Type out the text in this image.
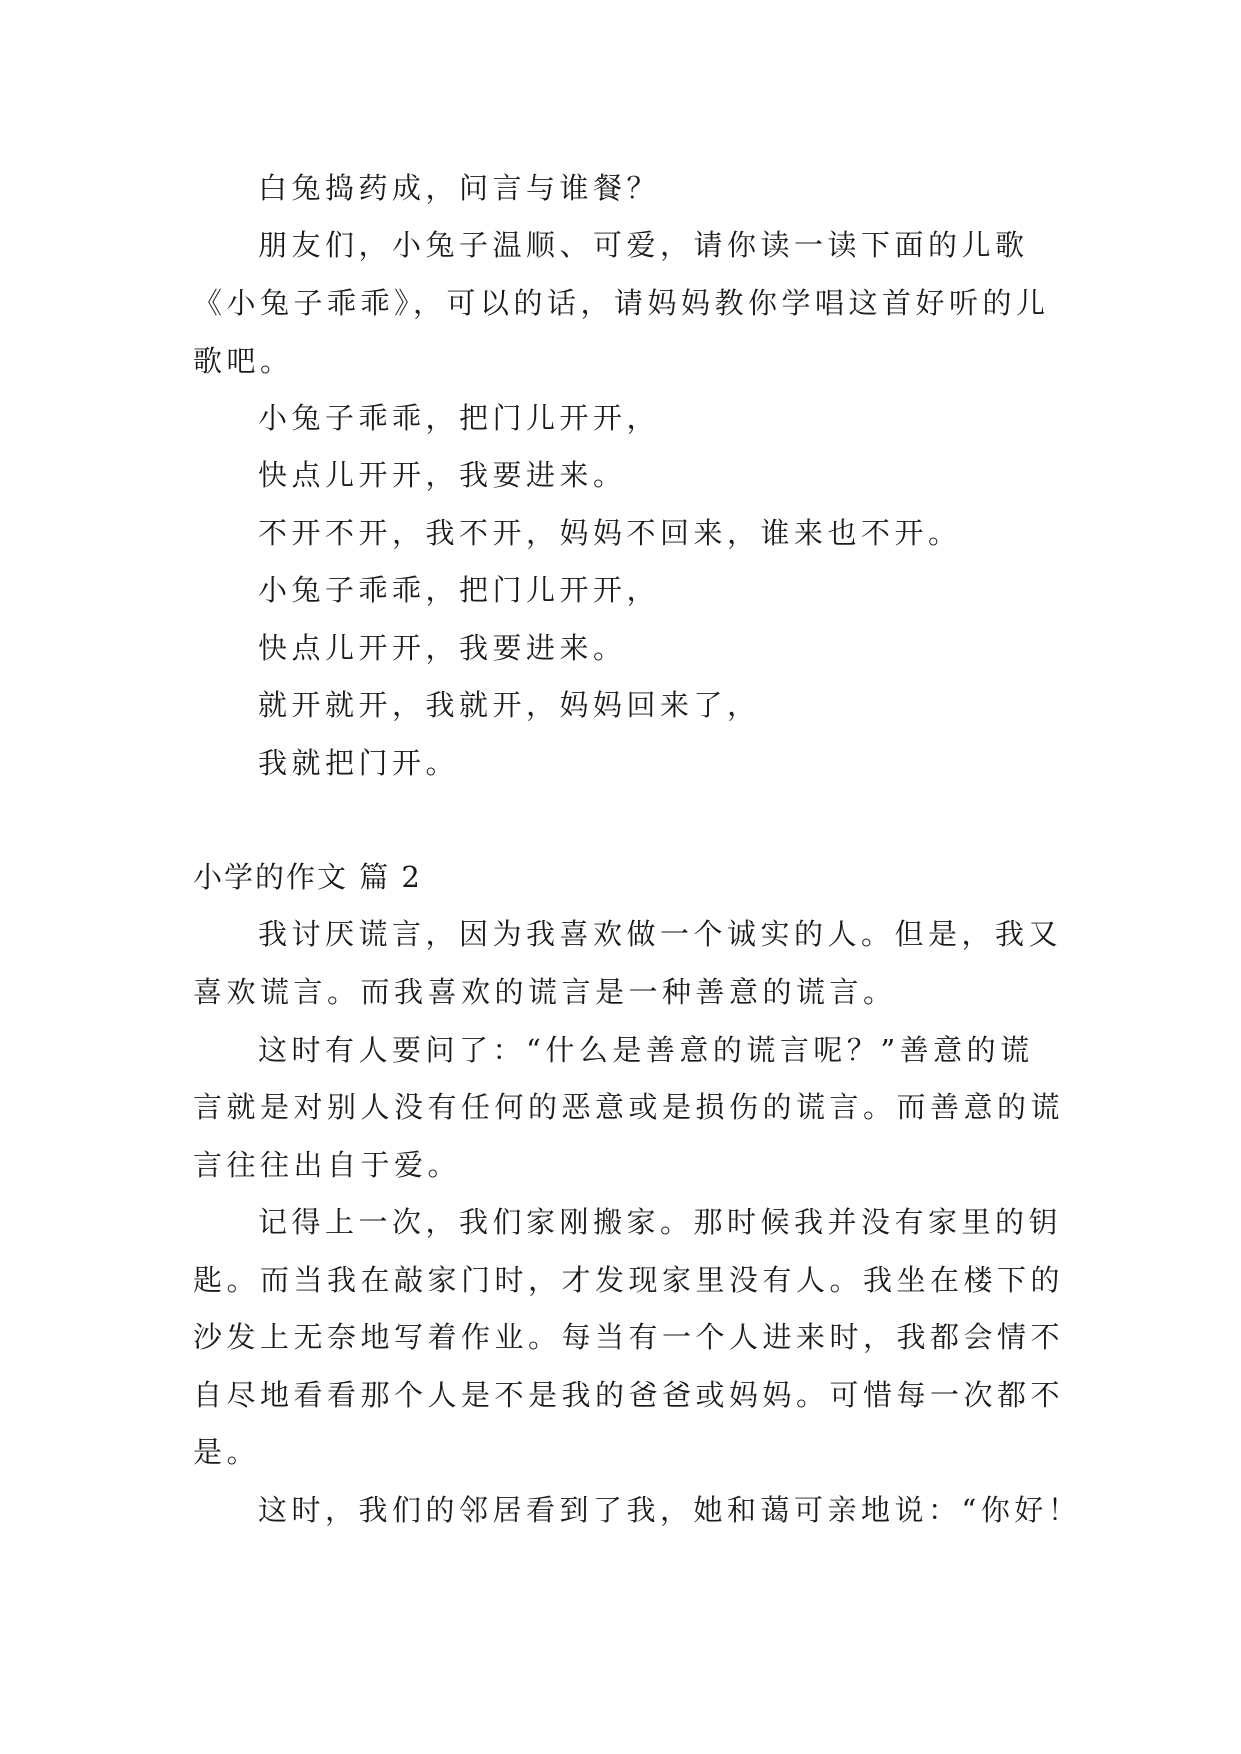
白兔捣药成，问言与谁餐？
朋友们，小兔子温顺、可爱，请你读一读下面的儿歌
《小兔子乖乖》，可以的话，请妈妈教你学唱这首好听的儿
歌吧。
小兔子乖乖，把门儿开开，
快点儿开开，我要进来。
不开不开，我不开，妈妈不回来，谁来也不开。
小兔子乖乖，把门儿开开，
快点儿开开，我要进来。
就开就开，我就开，妈妈回来了，
我就把门开。
小学的作文 篇 2
我讨厌谎言，因为我喜欢做一个诚实的人。但是，我又
喜欢谎言。而我喜欢的谎言是一种善意的谎言。
这时有人要问了：“什么是善意的谎言呢？”善意的谎
言就是对别人没有任何的恶意或是损伤的谎言。而善意的谎
言往往出自于爱。
记得上一次，我们家刚搬家。那时候我并没有家里的钥
匙。而当我在敲家门时，才发现家里没有人。我坐在楼下的
沙发上无奈地写着作业。每当有一个人进来时，我都会情不
自尽地看看那个人是不是我的爸爸或妈妈。可惜每一次都不
是。
这时，我们的邻居看到了我，她和蔼可亲地说：“你好！
